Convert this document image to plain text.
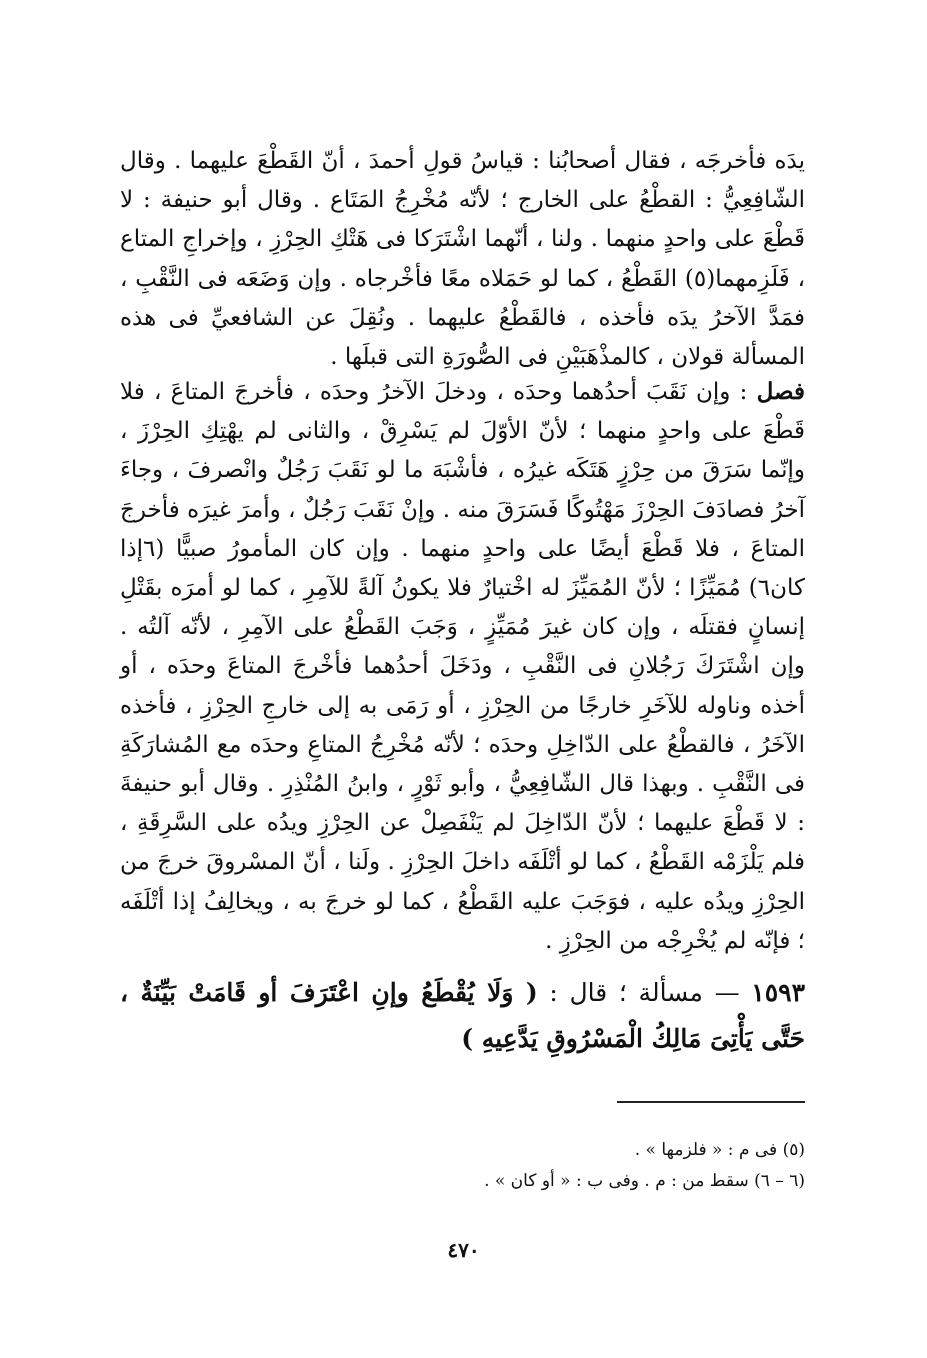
يدَه فأخرجَه ، فقال أصحابُنا : قياسُ قولِ أحمدَ ، أنّ القَطْعَ عليهما . وقال الشّافِعِيُّ : القطْعُ على الخارج ؛ لأنّه مُخْرِجُ المَتَاع . وقال أبو حنيفة : لا قَطْعَ على واحدٍ منهما . ولنا ، أنّهما اشْتَرَكا فى هَتْكِ الحِرْزِ ، وإخراجِ المتاع ، فَلَزِمهما(٥) القَطْعُ ، كما لو حَمَلاه معًا فأخْرجاه . وإن وَضَعَه فى النَّقْبِ ، فمَدَّ الآخرُ يدَه فأخذه ، فالقَطْعُ عليهما . ونُقِلَ عن الشافعيِّ فى هذه المسألة قولان ، كالمذْهَبَيْنِ فى الصُّورَةِ التى قبلَها .

فصل : وإن نَقَبَ أحدُهما وحدَه ، ودخلَ الآخرُ وحدَه ، فأخرجَ المتاعَ ، فلا قَطْعَ على واحدٍ منهما ؛ لأنّ الأوّلَ لم يَسْرِقْ ، والثانى لم يهْتِكِ الحِرْزَ ، وإنّما سَرَقَ من حِرْزٍ هَتَكَه غيرُه ، فأشْبَهَ ما لو نَقَبَ رَجُلٌ وانْصرفَ ، وجاءَ آخرُ فصادَفَ الحِرْزَ مَهْتُوكًا فَسَرَقَ منه . وإنْ نَقَبَ رَجُلٌ ، وأمرَ غيرَه فأخرجَ المتاعَ ، فلا قَطْعَ أيضًا على واحدٍ منهما . وإن كان المأمورُ صبيًّا (٦إذا كان٦) مُمَيِّزًا ؛ لأنّ المُمَيِّزَ له اخْتيارٌ فلا يكونُ آلةً للآمِرِ ، كما لو أمرَه بقَتْلِ إنسانٍ فقتلَه ، وإن كان غيرَ مُمَيِّزٍ ، وَجَبَ القَطْعُ على الآمِرِ ، لأنّه آلتُه . وإن اشْتَرَكَ رَجُلانِ فى النَّقْبِ ، ودَخَلَ أحدُهما فأخْرجَ المتاعَ وحدَه ، أو أخذه وناوله للآخَرِ خارجًا من الحِرْزِ ، أو رَمَى به إلى خارجِ الحِرْزِ ، فأخذه الآخَرُ ، فالقطْعُ على الدّاخِلِ وحدَه ؛ لأنّه مُخْرِجُ المتاعِ وحدَه مع المُشارَكَةِ فى النَّقْبِ . وبهذا قال الشّافِعِيُّ ، وأبو ثَوْرٍ ، وابنُ المُنْذِرِ . وقال أبو حنيفةَ : لا قَطْعَ عليهما ؛ لأنّ الدّاخِلَ لم يَنْفَصِلْ عن الحِرْزِ ويدُه على السَّرِقَةِ ، فلم يَلْزَمْه القَطْعُ ، كما لو أتْلَفَه داخلَ الحِرْزِ . ولَنا ، أنّ المسْروقَ خرجَ من الحِرْزِ ويدُه عليه ، فوَجَبَ عليه القَطْعُ ، كما لو خرجَ به ، ويخالِفُ إذا أتْلَفَه ؛ فإنّه لم يُخْرِجْه من الحِرْزِ .

١٥٩٣ — مسألة ؛ قال : ( وَلَا يُقْطَعُ وإنِ اعْتَرَفَ أو قَامَتْ بَيِّنَةٌ ، حَتَّى يَأْتِىَ مَالِكُ الْمَسْرُوقِ يَدَّعِيهِ )

(٥) فى م : « فلزمها » .
(٦ – ٦) سقط من : م . وفى ب : « أو كان » .
٤٧٠
